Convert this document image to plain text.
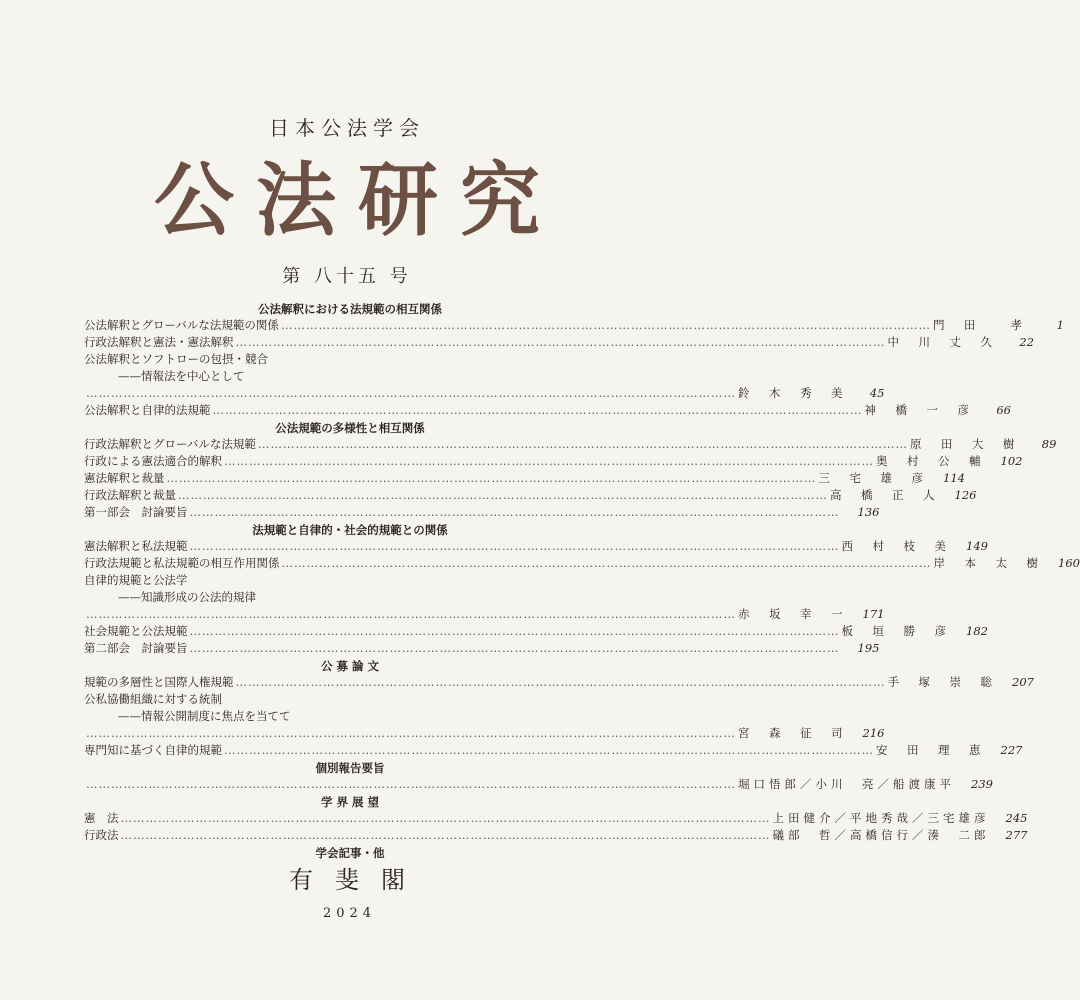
日本公法学会
公法研究
第 八十五 号
公法解釈における法規範の相互関係
公法解釈とグローバルな法規範の関係 ………………………………………………………………………………………………………………………………………… 門　田　　孝	1
行政法解釈と憲法・憲法解釈 ………………………………………………………………………………………………………………………………………… 中　川　丈　久	22
公法解釈とソフトローの包摂・競合
——情報法を中心として
………………………………………………………………………………………………………………………………………… 鈴　木　秀　美	45
公法解釈と自律的法規範 ………………………………………………………………………………………………………………………………………… 神　橋　一　彦	66
公法規範の多様性と相互関係
行政法解釈とグローバルな法規範 ………………………………………………………………………………………………………………………………………… 原　田　大　樹	89
行政による憲法適合的解釈 ………………………………………………………………………………………………………………………………………… 奥　村　公　輔	102
憲法解釈と裁量 ………………………………………………………………………………………………………………………………………… 三　宅　雄　彦	114
行政法解釈と裁量 ………………………………………………………………………………………………………………………………………… 高　橋　正　人	126
第一部会　討論要旨 …………………………………………………………………………………………………………………………………………	136
法規範と自律的・社会的規範との関係
憲法解釈と私法規範 ………………………………………………………………………………………………………………………………………… 西　村　枝　美	149
行政法規範と私法規範の相互作用関係 ………………………………………………………………………………………………………………………………………… 岸　本　太　樹	160
自律的規範と公法学
——知識形成の公法的規律
………………………………………………………………………………………………………………………………………… 赤　坂　幸　一	171
社会規範と公法規範 ………………………………………………………………………………………………………………………………………… 板　垣　勝　彦	182
第二部会　討論要旨 …………………………………………………………………………………………………………………………………………	195
公 募 論 文
規範の多層性と国際人権規範 ………………………………………………………………………………………………………………………………………… 手　塚　崇　聡	207
公私協働組織に対する統制
——情報公開制度に焦点を当てて
………………………………………………………………………………………………………………………………………… 宮　森　征　司	216
専門知に基づく自律的規範 ………………………………………………………………………………………………………………………………………… 安　田　理　恵	227
個別報告要旨
………………………………………………………………………………………………………………………………………… 堀口悟郎／小川　亮／船渡康平	239
学 界 展 望
憲　法 ………………………………………………………………………………………………………………………………………… 上田健介／平地秀哉／三宅雄彦	245
行政法 ………………………………………………………………………………………………………………………………………… 礒部　哲／高橋信行／湊　二郎	277
学会記事・他
有斐閣
2024
